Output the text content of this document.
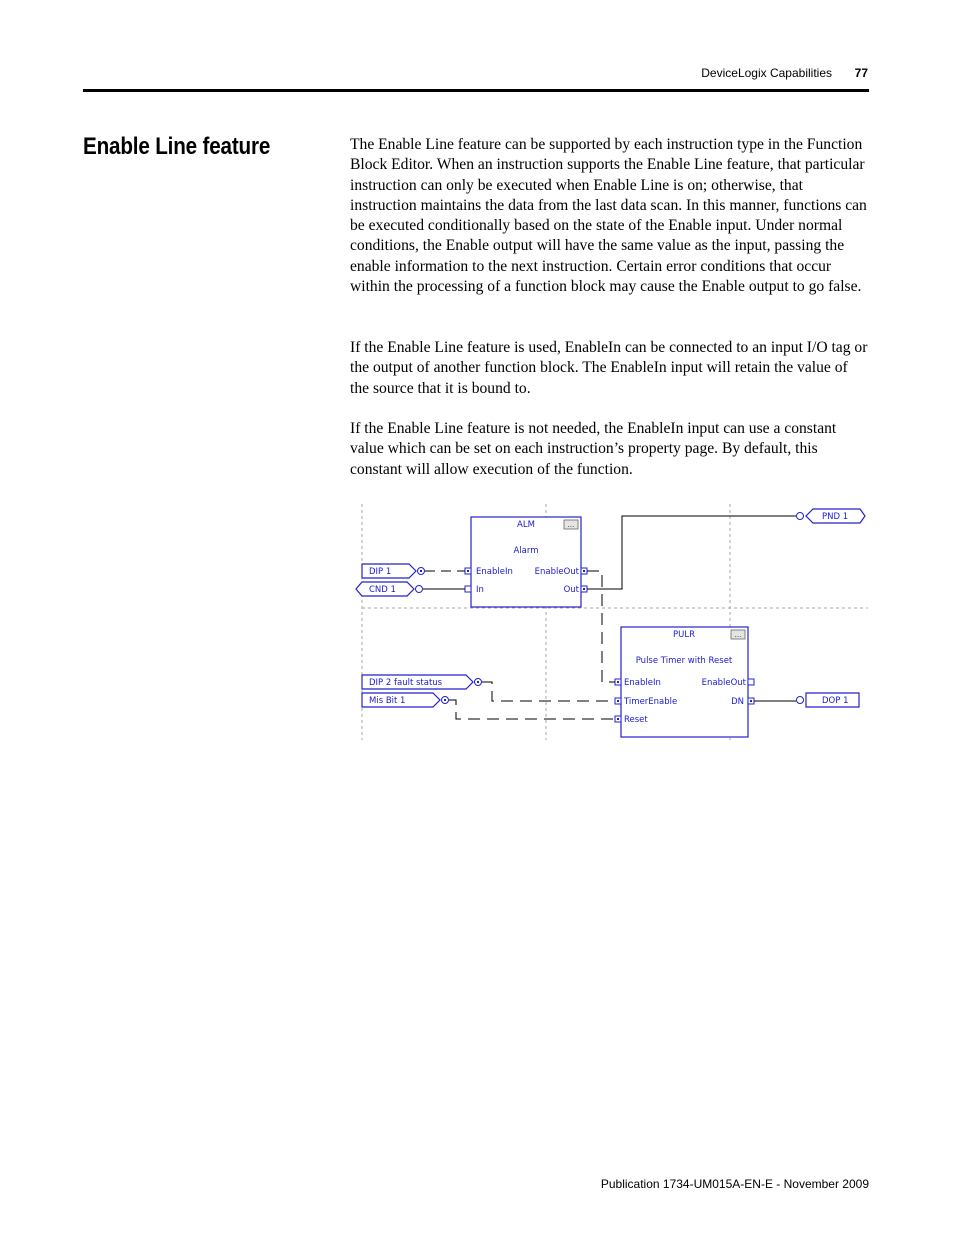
DeviceLogix Capabilities	77
Enable Line feature	The Enable Line feature can be supported by each instruction type in the Function Block Editor. When an instruction supports the Enable Line feature, that particular instruction can only be executed when Enable Line is on; otherwise, that instruction maintains the data from the last data scan. In this manner, functions can be executed conditionally based on the state of the Enable input. Under normal conditions, the Enable output will have the same value as the input, passing the enable information to the next instruction. Certain error conditions that occur within the processing of a function block may cause the Enable output to go false.

If the Enable Line feature is used, EnableIn can be connected to an input I/O tag or the output of another function block. The EnableIn input will retain the value of the source that it is bound to.

If the Enable Line feature is not needed, the EnableIn input can use a constant value which can be set on each instruction’s property page. By default, this constant will allow execution of the function.

ALM	...
Alarm
EnableIn
In
EnableOut
Out
PULR	...
Pulse Timer with Reset
EnableIn
TimerEnable
Reset
EnableOut
DN
DIP 1
CND 1
PND 1
DIP 2 fault status
Mis Bit 1	DOP 1
Publication 1734-UM015A-EN-E - November 2009
